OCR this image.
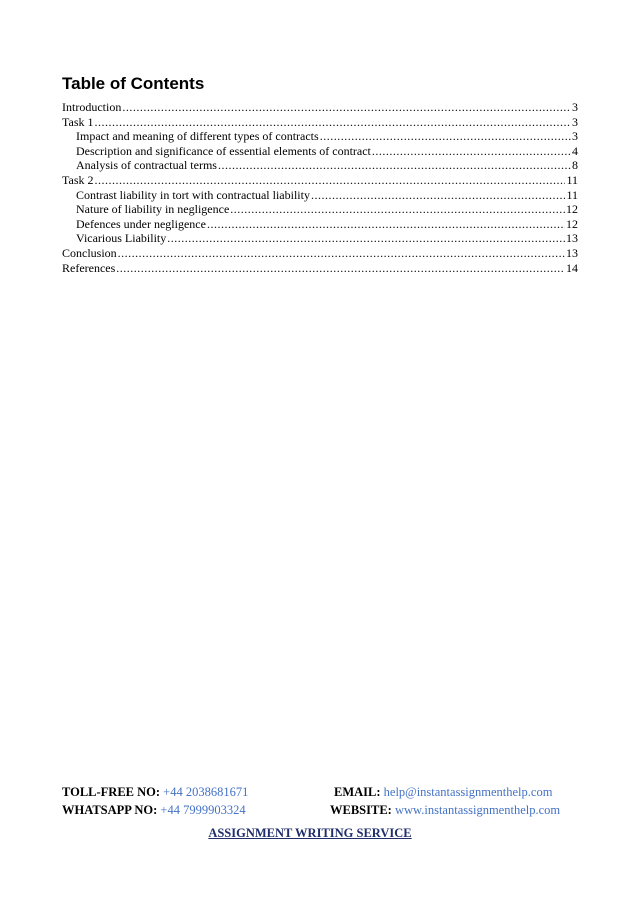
Table of Contents
Introduction .....	3
Task 1 .....	3
Impact and meaning of different types of contracts .....	3
Description and significance of essential elements of contract .....	4
Analysis of contractual terms .....	8
Task 2 .....	11
Contrast liability in tort with contractual liability .....	11
Nature of liability in negligence .....	12
Defences under negligence .....	12
Vicarious Liability .....	13
Conclusion .....	13
References .....	14
TOLL-FREE NO: +44 2038681671	EMAIL: help@instantassignmenthelp.com
WHATSAPP NO: +44 7999903324	WEBSITE: www.instantassignmenthelp.com
ASSIGNMENT WRITING SERVICE
